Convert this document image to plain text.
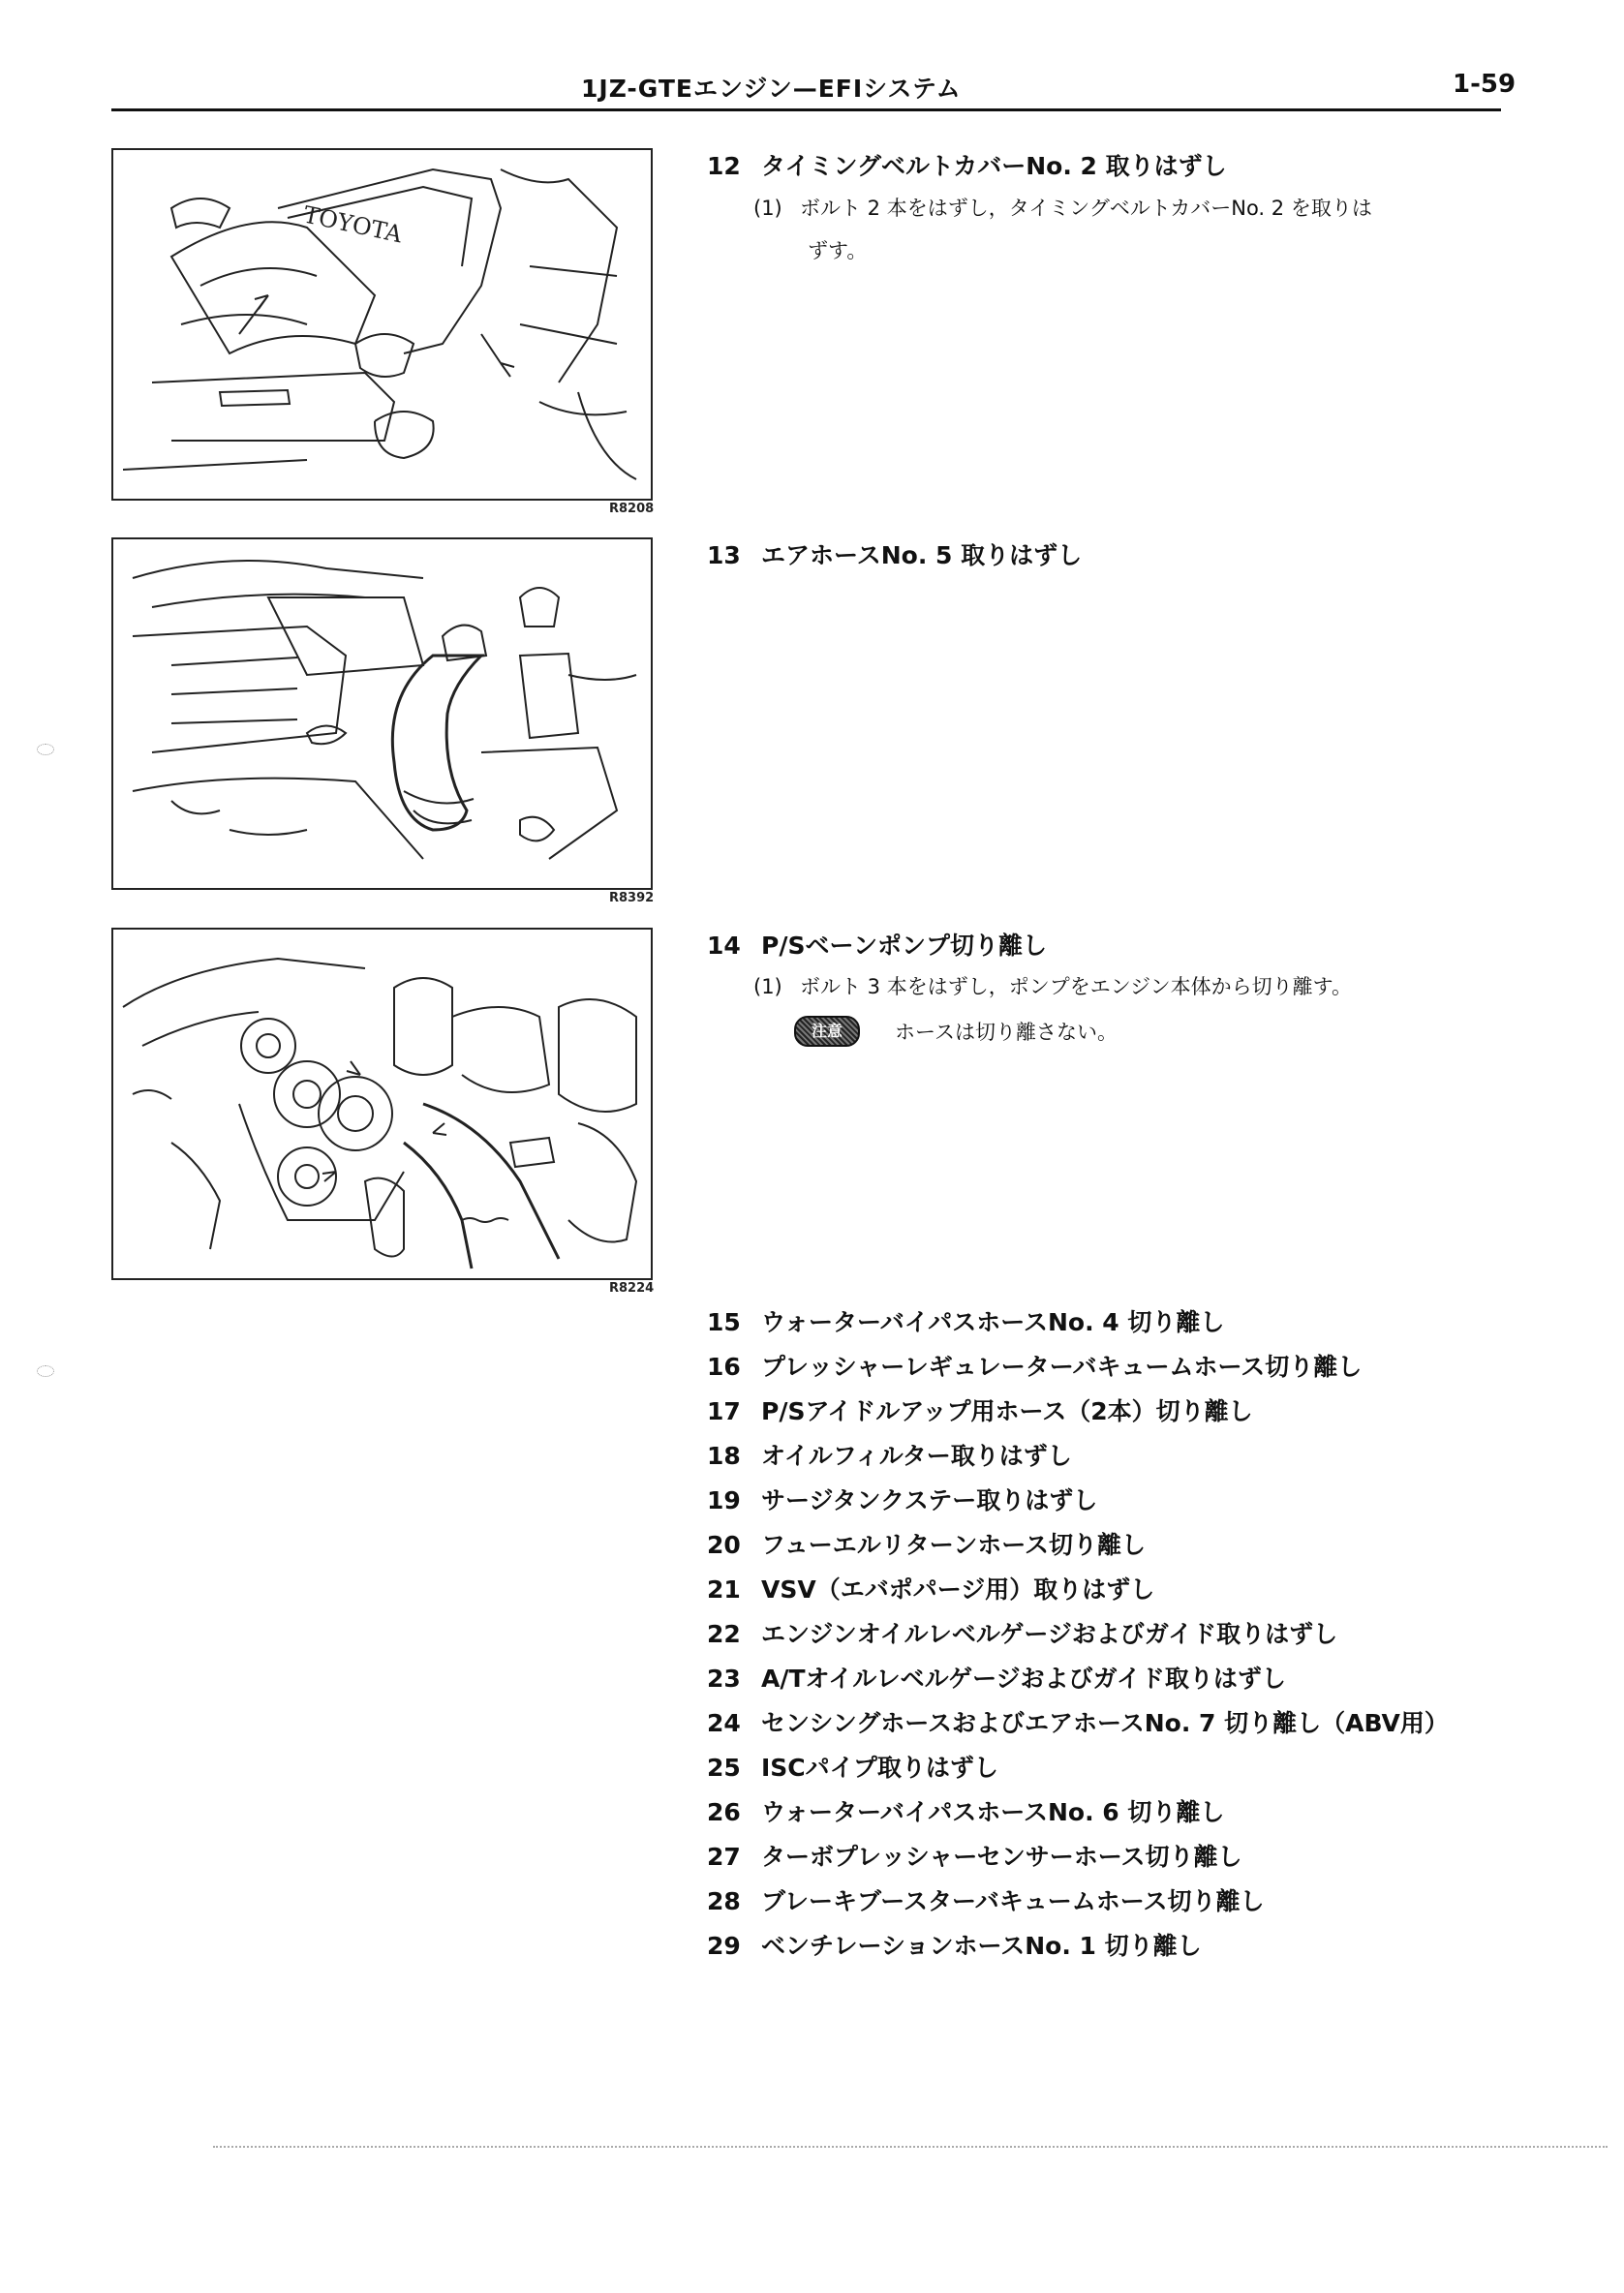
1JZ-GTEエンジン—EFIシステム	1-59
TOYOTA
R8208
R8392
R8224
12 タイミングベルトカバーNo. 2 取りはずし
(1) ボルト 2 本をはずし，タイミングベルトカバーNo. 2 を取りは
ずす。
13 エアホースNo. 5 取りはずし
14 P/Sベーンポンプ切り離し
(1) ボルト 3 本をはずし，ポンプをエンジン本体から切り離す。
注意	ホースは切り離さない。
15 ウォーターバイパスホースNo. 4 切り離し
16 プレッシャーレギュレーターバキュームホース切り離し
17 P/Sアイドルアップ用ホース（2本）切り離し
18 オイルフィルター取りはずし
19 サージタンクステー取りはずし
20 フューエルリターンホース切り離し
21 VSV（エバポパージ用）取りはずし
22 エンジンオイルレベルゲージおよびガイド取りはずし
23 A/Tオイルレベルゲージおよびガイド取りはずし
24 センシングホースおよびエアホースNo. 7 切り離し（ABV用）
25 ISCパイプ取りはずし
26 ウォーターバイパスホースNo. 6 切り離し
27 ターボプレッシャーセンサーホース切り離し
28 ブレーキブースターバキュームホース切り離し
29 ベンチレーションホースNo. 1 切り離し
